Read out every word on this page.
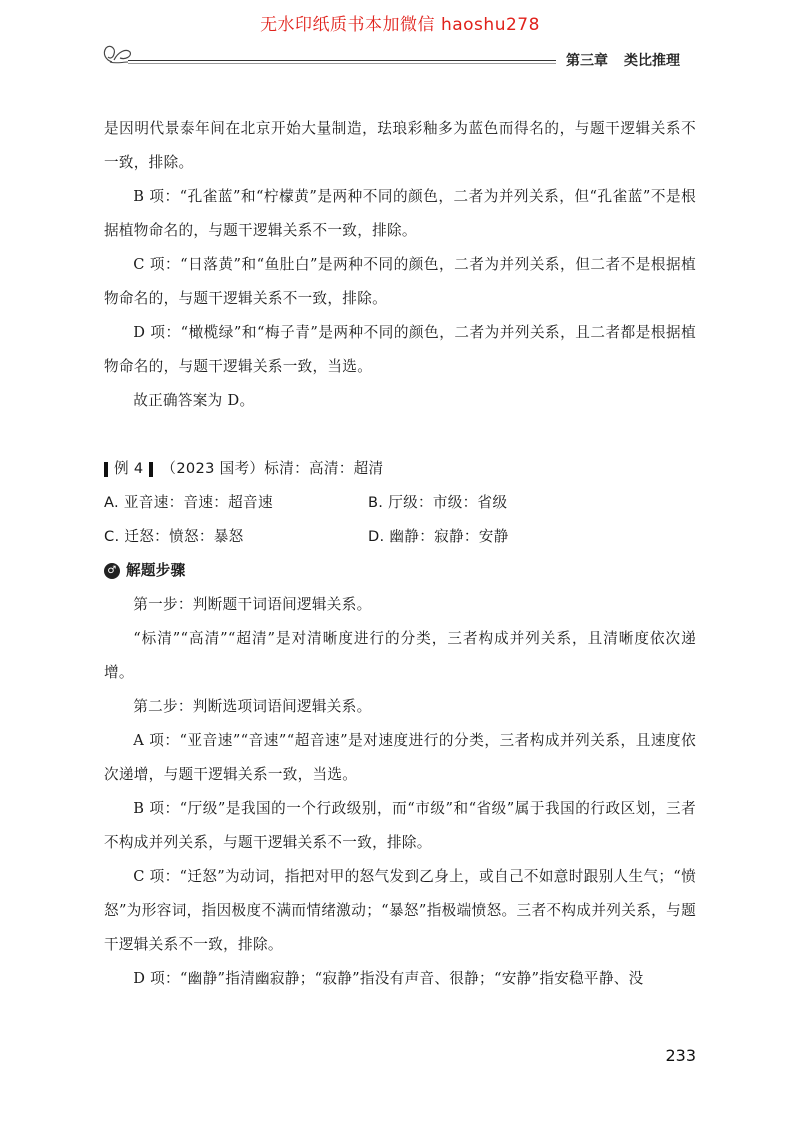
无水印纸质书本加微信 haoshu278
第三章 类比推理

是因明代景泰年间在北京开始大量制造，珐琅彩釉多为蓝色而得名的，与题干逻辑关系不一致，排除。

B 项：“孔雀蓝”和“柠檬黄”是两种不同的颜色，二者为并列关系，但“孔雀蓝”不是根据植物命名的，与题干逻辑关系不一致，排除。

C 项：“日落黄”和“鱼肚白”是两种不同的颜色，二者为并列关系，但二者不是根据植物命名的，与题干逻辑关系不一致，排除。

D 项：“橄榄绿”和“梅子青”是两种不同的颜色，二者为并列关系，且二者都是根据植物命名的，与题干逻辑关系一致，当选。

故正确答案为 D。

例 4 （2023 国考） 标清：高清：超清
A. 亚音速：音速：超音速	B. 厅级：市级：省级
C. 迁怒：愤怒：暴怒	D. 幽静：寂静：安静
♂ 解题步骤

第一步：判断题干词语间逻辑关系。

“标清”“高清”“超清”是对清晰度进行的分类，三者构成并列关系，且清晰度依次递增。

第二步：判断选项词语间逻辑关系。

A 项：“亚音速”“音速”“超音速”是对速度进行的分类，三者构成并列关系，且速度依次递增，与题干逻辑关系一致，当选。

B 项：“厅级”是我国的一个行政级别，而“市级”和“省级”属于我国的行政区划，三者不构成并列关系，与题干逻辑关系不一致，排除。

C 项：“迁怒”为动词，指把对甲的怒气发到乙身上，或自己不如意时跟别人生气；“愤怒”为形容词，指因极度不满而情绪激动；“暴怒”指极端愤怒。三者不构成并列关系，与题干逻辑关系不一致，排除。

D 项：“幽静”指清幽寂静；“寂静”指没有声音、很静；“安静”指安稳平静、没

233
